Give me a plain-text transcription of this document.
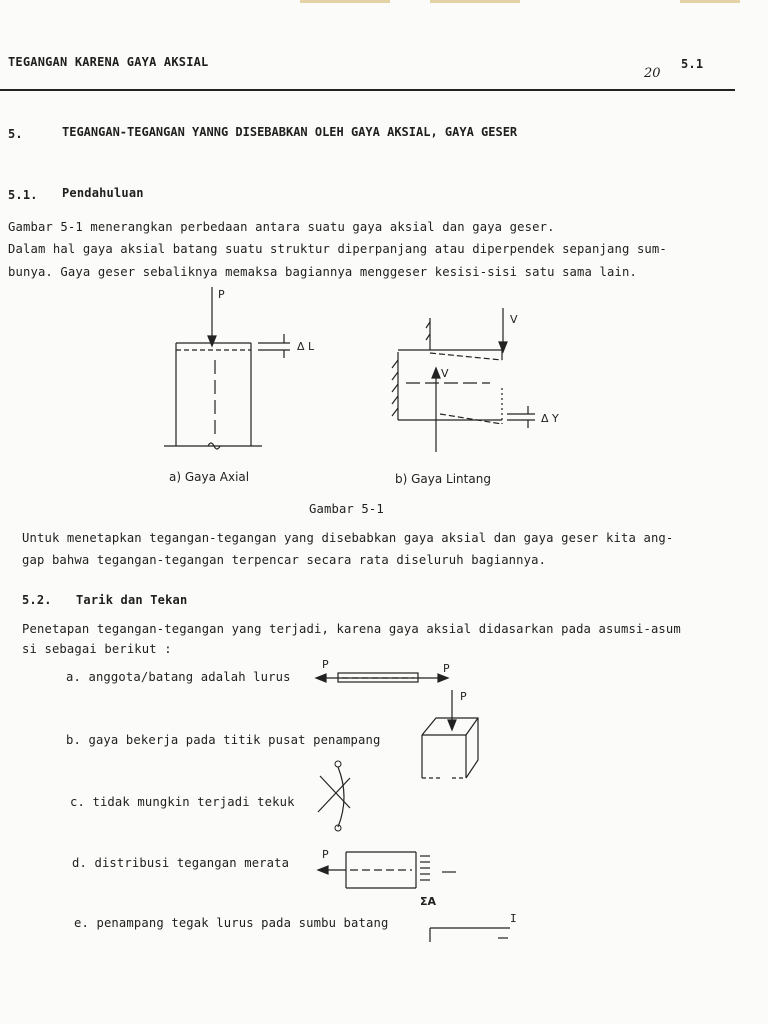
TEGANGAN KARENA GAYA AKSIAL	5.1
20
5.	TEGANGAN-TEGANGAN YANNG DISEBABKAN OLEH GAYA AKSIAL, GAYA GESER
5.1. Pendahuluan
Gambar 5-1 menerangkan perbedaan antara suatu gaya aksial dan gaya geser.
Dalam hal gaya aksial batang suatu struktur diperpanjang atau diperpendek sepanjang sum-
bunya. Gaya geser sebaliknya memaksa bagiannya menggeser kesisi-sisi satu sama lain.
P
Δ L
V
V
Δ Y
a) Gaya Axial	b) Gaya Lintang
Gambar 5-1
Untuk menetapkan tegangan-tegangan yang disebabkan gaya aksial dan gaya geser kita ang-
gap bahwa tegangan-tegangan terpencar secara rata diseluruh bagiannya.
5.2. Tarik dan Tekan
Penetapan tegangan-tegangan yang terjadi, karena gaya aksial didasarkan pada asumsi-asum
si sebagai berikut :
a. anggota/batang adalah lurus
b. gaya bekerja pada titik pusat penampang
c. tidak mungkin terjadi tekuk
d. distribusi tegangan merata
e. penampang tegak lurus pada sumbu batang
P	P
P
P
ΣA
I
